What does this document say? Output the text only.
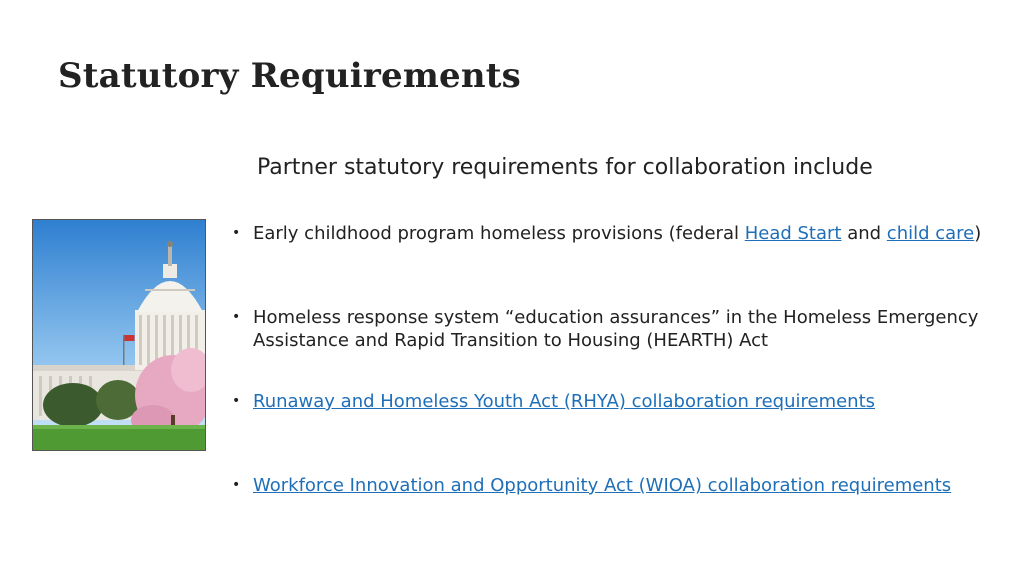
Statutory Requirements

Partner statutory requirements for collaboration include

• Early childhood program homeless provisions (federal Head Start and child care)
• Homeless response system “education assurances” in the Homeless Emergency Assistance and Rapid Transition to Housing (HEARTH) Act
• Runaway and Homeless Youth Act (RHYA) collaboration requirements
• Workforce Innovation and Opportunity Act (WIOA) collaboration requirements
